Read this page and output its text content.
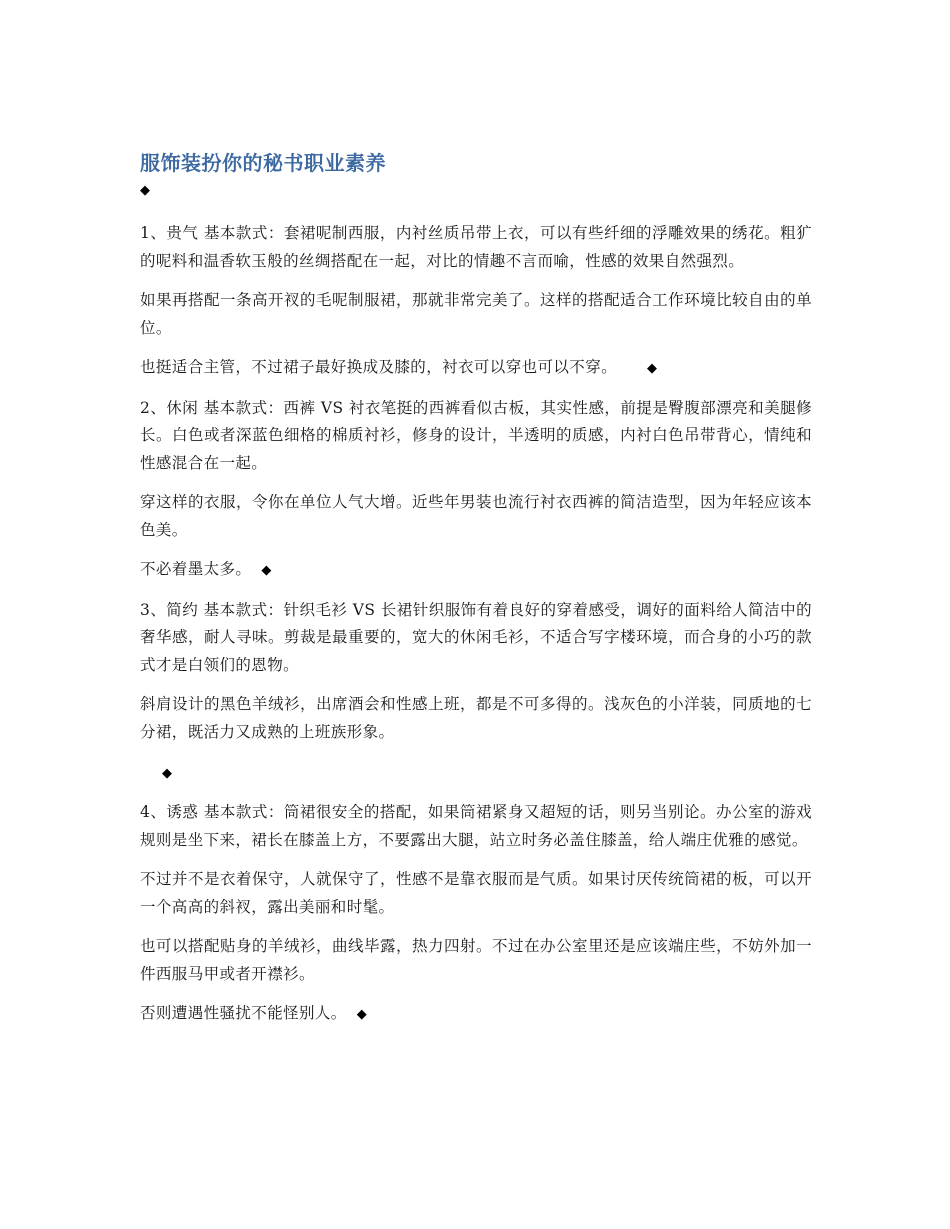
服饰装扮你的秘书职业素养
◆

1、贵气 基本款式：套裙呢制西服，内衬丝质吊带上衣，可以有些纤细的浮雕效果的绣花。粗犷的呢料和温香软玉般的丝绸搭配在一起，对比的情趣不言而喻，性感的效果自然强烈。

如果再搭配一条高开衩的毛呢制服裙，那就非常完美了。这样的搭配适合工作环境比较自由的单位。

也挺适合主管，不过裙子最好换成及膝的，衬衣可以穿也可以不穿。 ◆

2、休闲 基本款式：西裤 VS 衬衣笔挺的西裤看似古板，其实性感，前提是臀腹部漂亮和美腿修长。白色或者深蓝色细格的棉质衬衫，修身的设计，半透明的质感，内衬白色吊带背心，情纯和性感混合在一起。

穿这样的衣服，令你在单位人气大增。近些年男装也流行衬衣西裤的简洁造型，因为年轻应该本色美。

不必着墨太多。 ◆

3、简约 基本款式：针织毛衫 VS 长裙针织服饰有着良好的穿着感受，调好的面料给人简洁中的奢华感，耐人寻味。剪裁是最重要的，宽大的休闲毛衫，不适合写字楼环境，而合身的小巧的款式才是白领们的恩物。

斜肩设计的黑色羊绒衫，出席酒会和性感上班，都是不可多得的。浅灰色的小洋装，同质地的七分裙，既活力又成熟的上班族形象。

◆

4、诱惑 基本款式：筒裙很安全的搭配，如果筒裙紧身又超短的话，则另当别论。办公室的游戏规则是坐下来，裙长在膝盖上方，不要露出大腿，站立时务必盖住膝盖，给人端庄优雅的感觉。

不过并不是衣着保守，人就保守了，性感不是靠衣服而是气质。如果讨厌传统筒裙的板，可以开一个高高的斜衩，露出美丽和时髦。

也可以搭配贴身的羊绒衫，曲线毕露，热力四射。不过在办公室里还是应该端庄些，不妨外加一件西服马甲或者开襟衫。

否则遭遇性骚扰不能怪别人。 ◆
